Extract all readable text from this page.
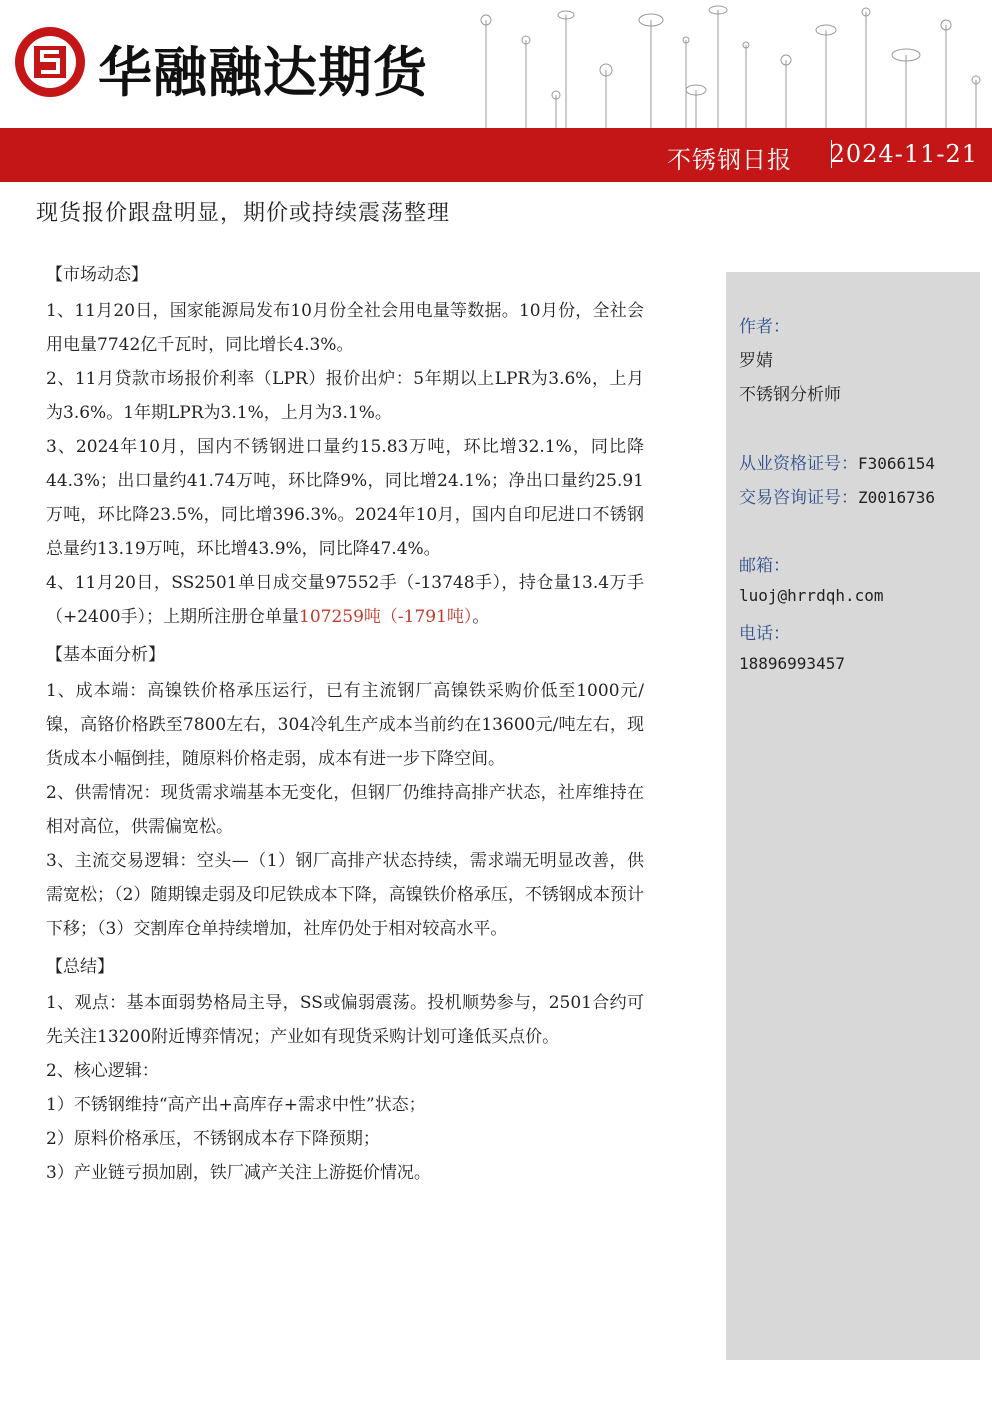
华融融达期货
不锈钢日报 2024-11-21
现货报价跟盘明显，期价或持续震荡整理
【市场动态】

1、11月20日，国家能源局发布10月份全社会用电量等数据。10月份，全社会用电量7742亿千瓦时，同比增长4.3%。

2、11月贷款市场报价利率（LPR）报价出炉：5年期以上LPR为3.6%，上月为3.6%。1年期LPR为3.1%，上月为3.1%。

3、2024年10月，国内不锈钢进口量约15.83万吨，环比增32.1%，同比降44.3%；出口量约41.74万吨，环比降9%，同比增24.1%；净出口量约25.91万吨，环比降23.5%，同比增396.3%。2024年10月，国内自印尼进口不锈钢总量约13.19万吨，环比增43.9%，同比降47.4%。

4、11月20日，SS2501单日成交量97552手（-13748手），持仓量13.4万手（+2400手）；上期所注册仓单量107259吨（-1791吨）。

【基本面分析】

1、成本端：高镍铁价格承压运行，已有主流钢厂高镍铁采购价低至1000元/镍，高铬价格跌至7800左右，304冷轧生产成本当前约在13600元/吨左右，现货成本小幅倒挂，随原料价格走弱，成本有进一步下降空间。

2、供需情况：现货需求端基本无变化，但钢厂仍维持高排产状态，社库维持在相对高位，供需偏宽松。

3、主流交易逻辑：空头—（1）钢厂高排产状态持续，需求端无明显改善，供需宽松；（2）随期镍走弱及印尼铁成本下降，高镍铁价格承压，不锈钢成本预计下移；（3）交割库仓单持续增加，社库仍处于相对较高水平。

【总结】

1、观点：基本面弱势格局主导，SS或偏弱震荡。投机顺势参与，2501合约可先关注13200附近博弈情况；产业如有现货采购计划可逢低买点价。

2、核心逻辑：

1）不锈钢维持“高产出+高库存+需求中性”状态；

2）原料价格承压，不锈钢成本存下降预期；

3）产业链亏损加剧，铁厂减产关注上游挺价情况。

作者：
罗婧
不锈钢分析师
从业资格证号：F3066154
交易咨询证号：Z0016736
邮箱：
luoj@hrrdqh.com
电话：
18896993457
